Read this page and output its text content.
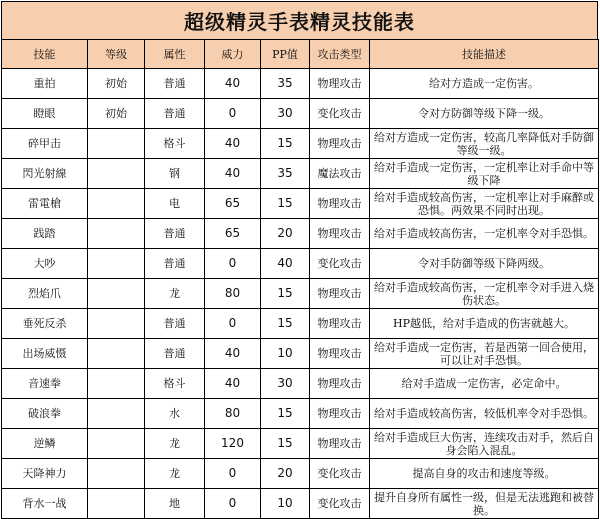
超级精灵手表精灵技能表
技能	等级	属性	威力	PP值	攻击类型	技能描述
重拍	初始	普通	40	35	物理攻击	给对方造成一定伤害。
瞪眼	初始	普通	0	30	变化攻击	令对方防御等级下降一级。
碎甲击		格斗	40	15	物理攻击	给对方造成一定伤害，较高几率降低对手防御等级一级。
閃光射線		钢	40	35	魔法攻击	给对手造成一定伤害，一定机率让对手命中等级下降
雷電槍		电	65	15	物理攻击	给对手造成较高伤害，一定机率让对手麻醉或恐惧。两效果不同时出现。
践踏		普通	65	20	物理攻击	给对手造成较高伤害，一定机率令对手恐惧。
大吵		普通	0	40	变化攻击	令对手防御等级下降两级。
烈焰爪		龙	80	15	物理攻击	给对手造成较高伤害，一定机率令对手进入烧伤状态。
垂死反杀		普通	0	15	物理攻击	HP越低，给对手造成的伤害就越大。
出场威慑		普通	40	10	物理攻击	给对手造成一定伤害，若是西第一回合使用，可以让对手恐惧。
音速拳		格斗	40	30	物理攻击	给对手造成一定伤害，必定命中。
破浪拳		水	80	15	物理攻击	给对手造成较高伤害，较低机率令对手恐惧。
逆鳞		龙	120	15	物理攻击	给对手造成巨大伤害，连续攻击对手，然后自身会陷入混乱。
天降神力		龙	0	20	变化攻击	提高自身的攻击和速度等级。
背水一战		地	0	10	变化攻击	提升自身所有属性一级，但是无法逃跑和被替换。
